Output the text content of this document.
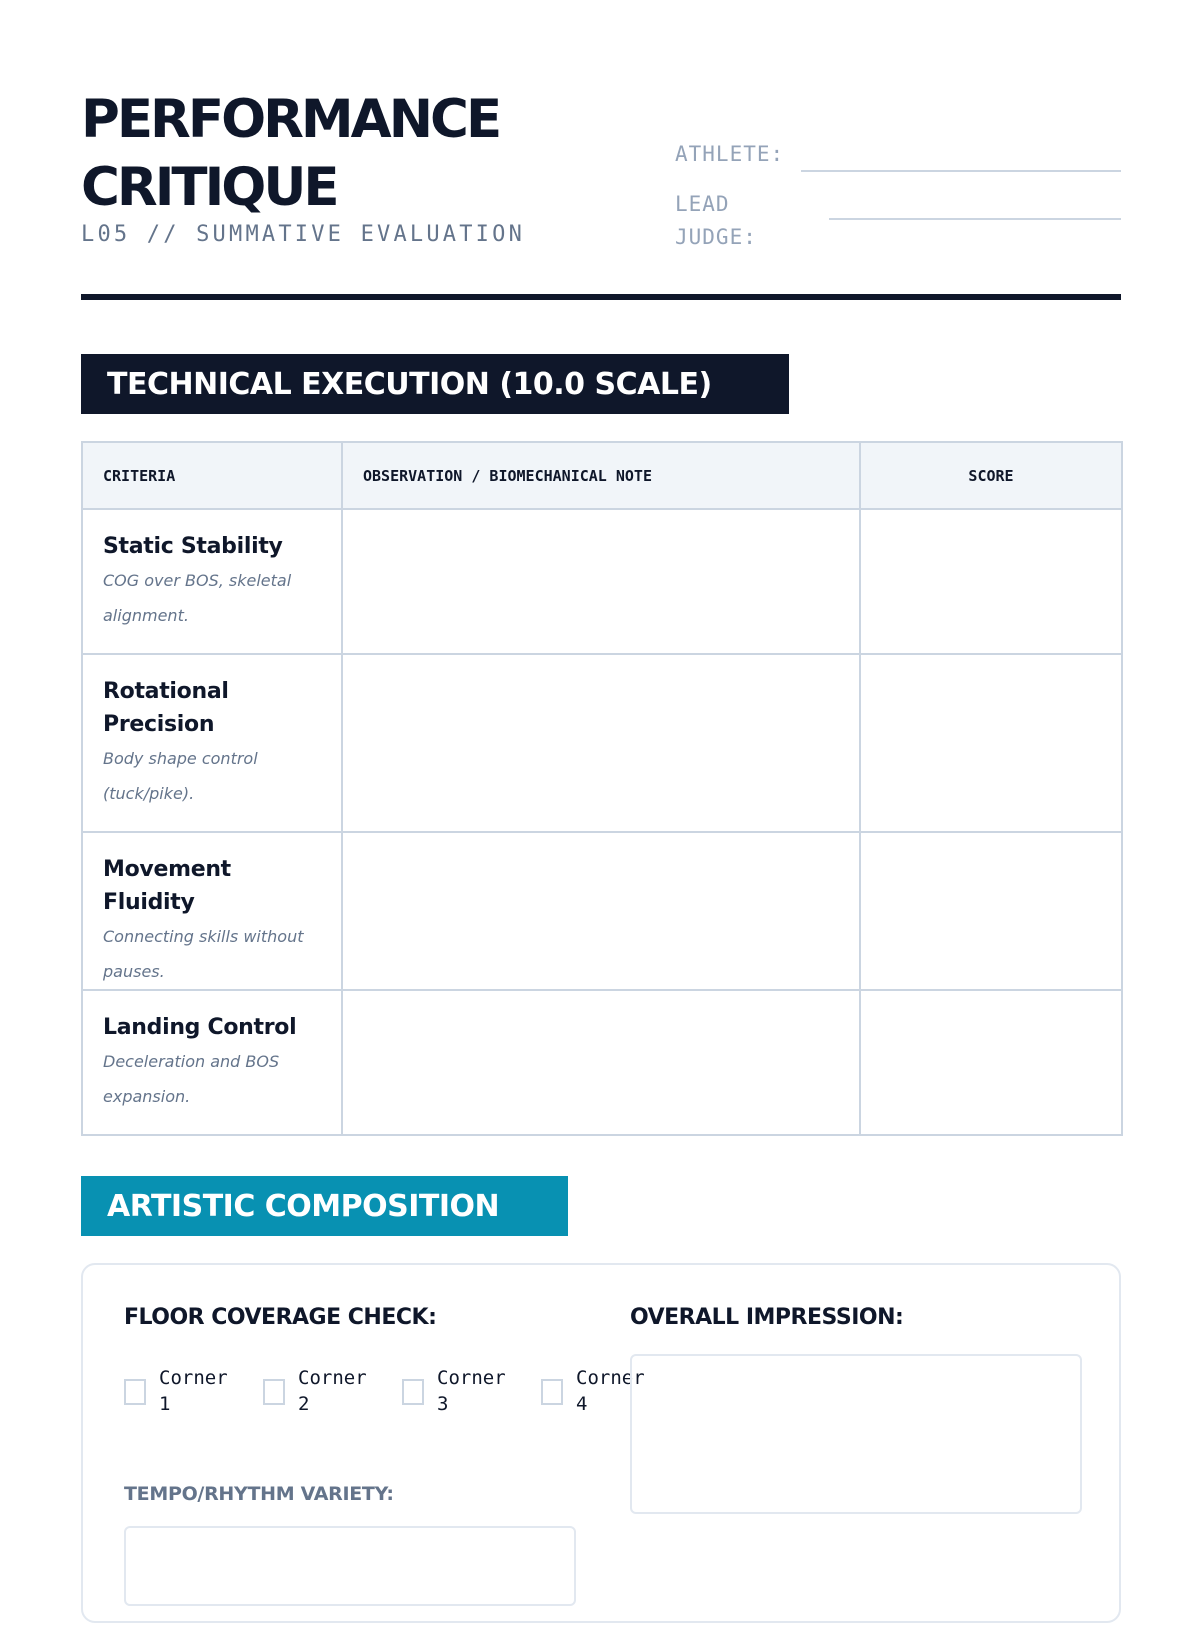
PERFORMANCE CRITIQUE
L05 // SUMMATIVE EVALUATION
ATHLETE:
LEAD JUDGE:
TECHNICAL EXECUTION (10.0 SCALE)
CRITERIA	OBSERVATION / BIOMECHANICAL NOTE	SCORE

Static Stability
COG over BOS, skeletal alignment.		

Rotational Precision
Body shape control (tuck/pike).		

Movement Fluidity
Connecting skills without pauses.		

Landing Control
Deceleration and BOS expansion.		

ARTISTIC COMPOSITION
FLOOR COVERAGE CHECK:
Corner 1
Corner 2
Corner 3
Corner 4
TEMPO/RHYTHM VARIETY:
OVERALL IMPRESSION:
